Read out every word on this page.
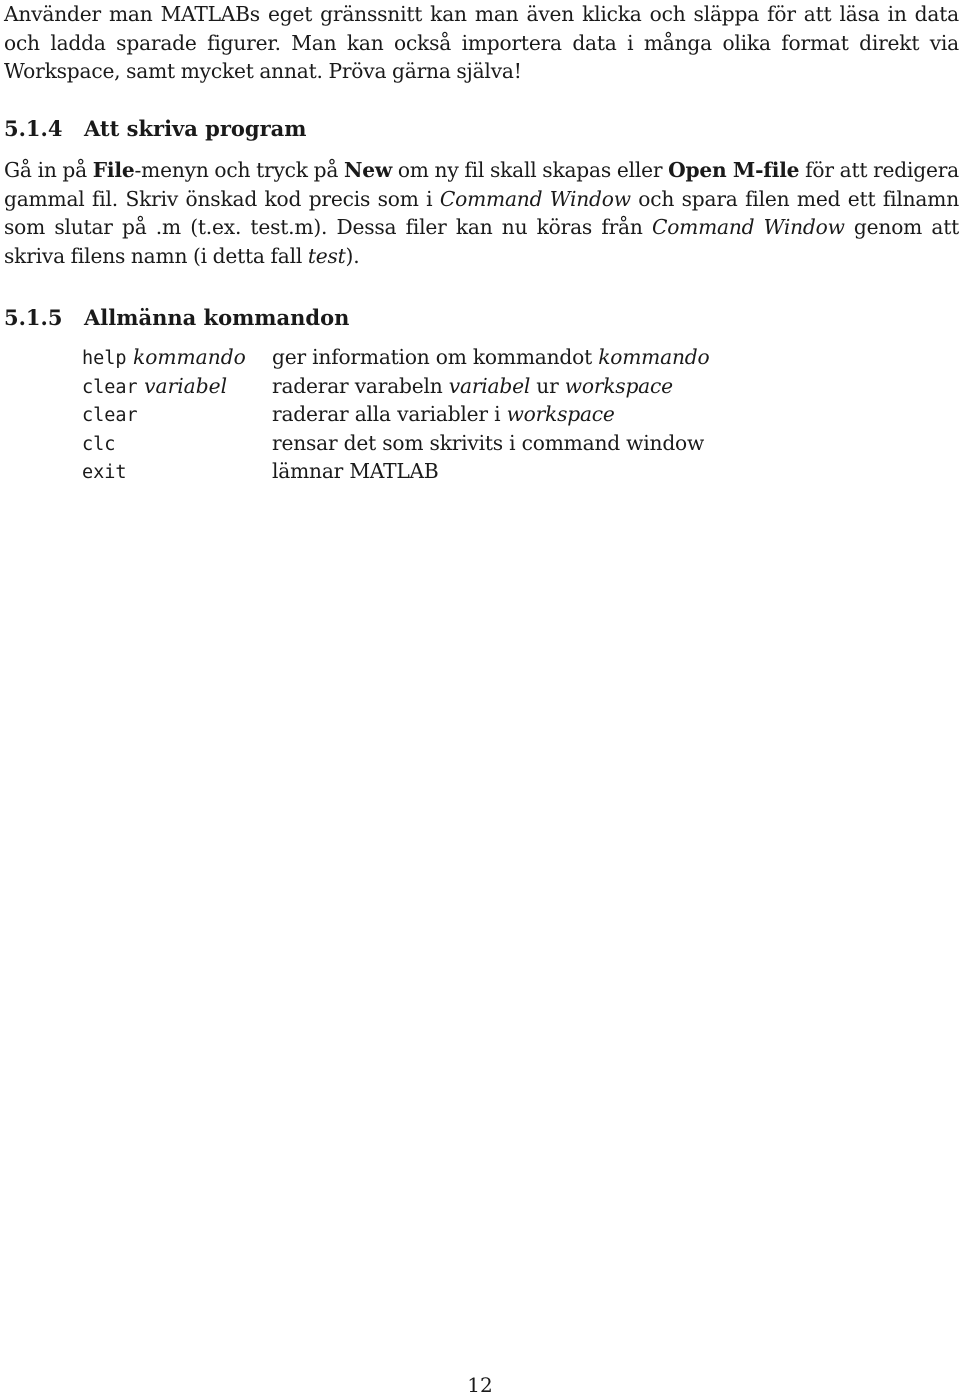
Använder man MATLABs eget gränssnitt kan man även klicka och släppa för att läsa in data och ladda sparade figurer. Man kan också importera data i många olika format direkt via Workspace, samt mycket annat. Pröva gärna själva!

5.1.4 Att skriva program

Gå in på File-menyn och tryck på New om ny fil skall skapas eller Open M-file för att redigera gammal fil. Skriv önskad kod precis som i Command Window och spara filen med ett filnamn som slutar på .m (t.ex. test.m). Dessa filer kan nu köras från Command Window genom att skriva filens namn (i detta fall test).

5.1.5 Allmänna kommandon
help kommando	ger information om kommandot kommando
clear variabel	raderar varabeln variabel ur workspace
clear	raderar alla variabler i workspace
clc	rensar det som skrivits i command window
exit	lämnar MATLAB
12
